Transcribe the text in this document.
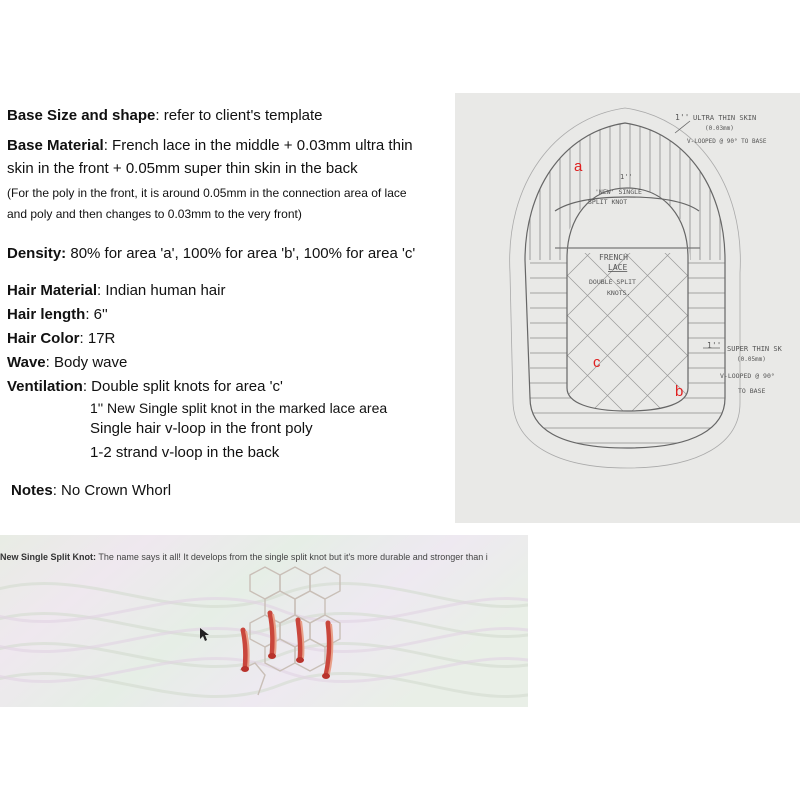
Base Size and shape: refer to client's template
Base Material: French lace in the middle + 0.03mm ultra thin
skin in the front + 0.05mm super thin skin in the back
(For the poly in the front, it is around 0.05mm in the connection area of lace
and poly and then changes to 0.03mm to the very front)
Density: 80% for area 'a', 100% for area 'b', 100% for area 'c'
Hair Material: Indian human hair
Hair length: 6''
Hair Color: 17R
Wave: Body wave
Ventilation: Double split knots for area 'c'
1'' New Single split knot in the marked lace area
Single hair v-loop in the front poly
1-2 strand v-loop in the back
Notes: No Crown Whorl
1'' ULTRA THIN SKIN
(0.03mm)
V-LOOPED @ 90° TO BASE
1''
'NEW' SINGLE
SPLIT KNOT
FRENCH
LACE
DOUBLE SPLIT
KNOTS.
1'' SUPER THIN SK
(0.05mm)
V-LOOPED @ 90°
TO BASE
a
b
c
New Single Split Knot: The name says it all! It develops from the single split knot but it's more durable and stronger than i
